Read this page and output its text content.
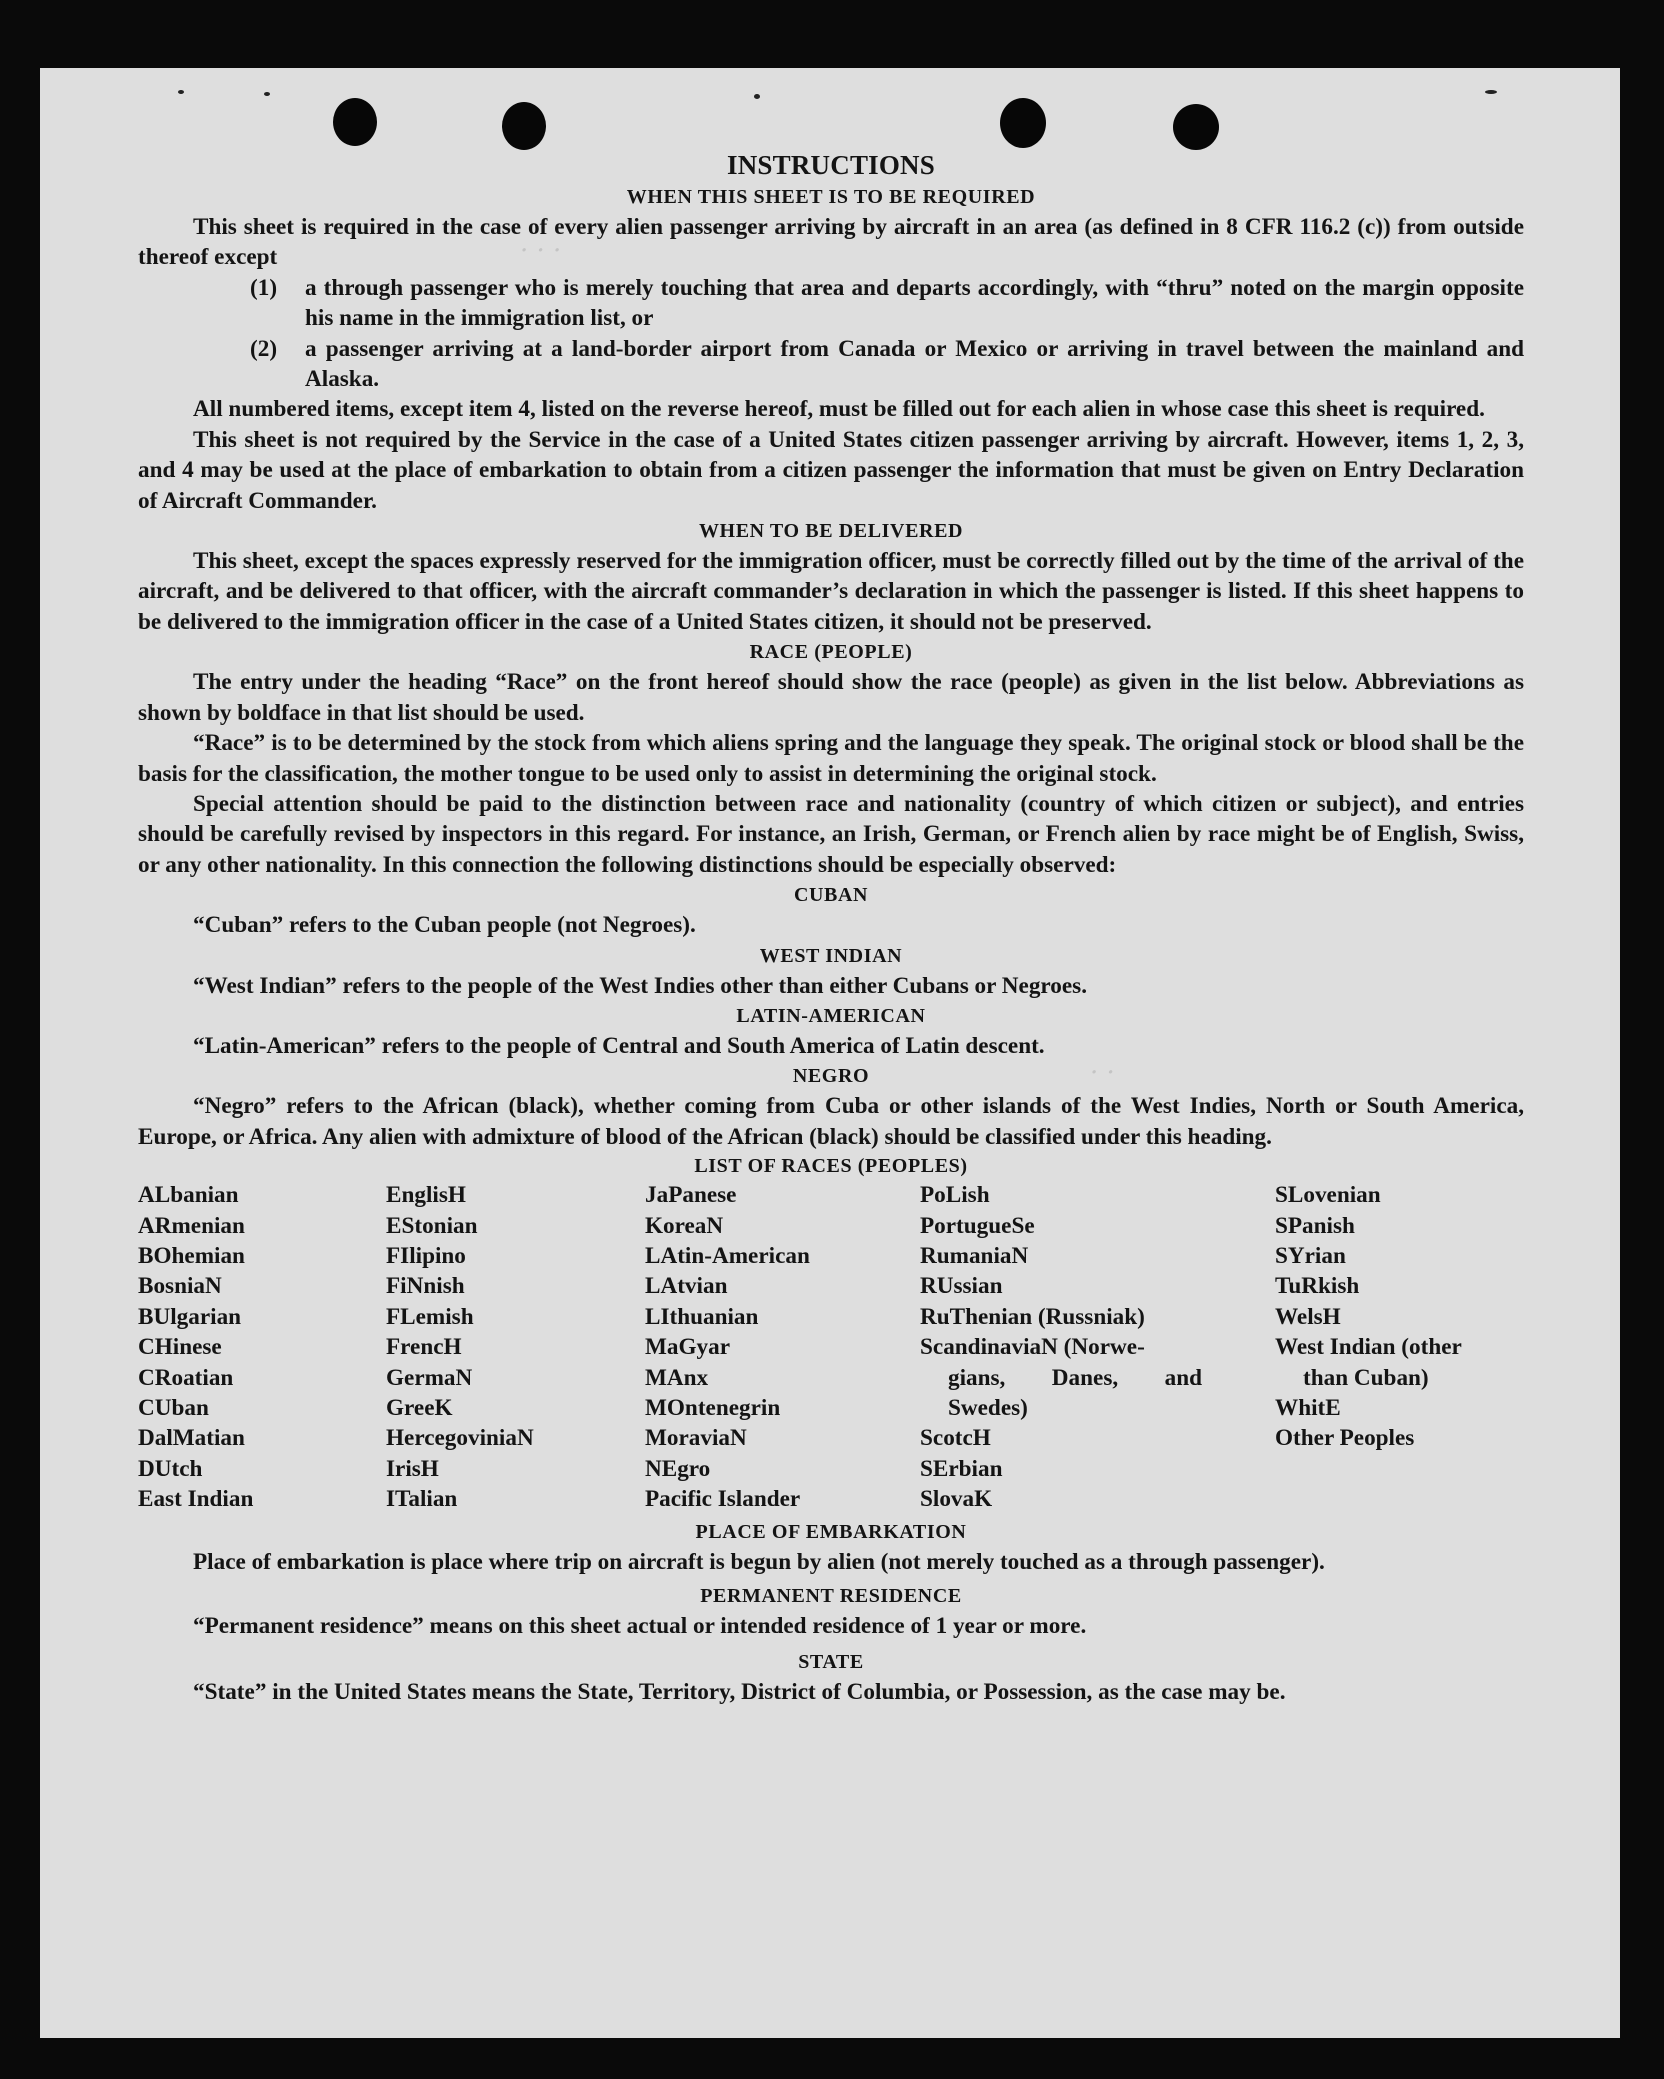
· · ·
· ·
INSTRUCTIONS
WHEN THIS SHEET IS TO BE REQUIRED

This sheet is required in the case of every alien passenger arriving by aircraft in an area (as defined in 8 CFR 116.2 (c)) from outside thereof except

(1) a through passenger who is merely touching that area and departs accordingly, with “thru” noted on the margin opposite his name in the immigration list, or

(2) a passenger arriving at a land-border airport from Canada or Mexico or arriving in travel between the mainland and Alaska.

All numbered items, except item 4, listed on the reverse hereof, must be filled out for each alien in whose case this sheet is required.

This sheet is not required by the Service in the case of a United States citizen passenger arriving by aircraft. However, items 1, 2, 3, and 4 may be used at the place of embarkation to obtain from a citizen passenger the information that must be given on Entry Declaration of Aircraft Commander.

WHEN TO BE DELIVERED

This sheet, except the spaces expressly reserved for the immigration officer, must be correctly filled out by the time of the arrival of the aircraft, and be delivered to that officer, with the aircraft commander’s declaration in which the passenger is listed. If this sheet happens to be delivered to the immigration officer in the case of a United States citizen, it should not be preserved.

RACE (PEOPLE)

The entry under the heading “Race” on the front hereof should show the race (people) as given in the list below. Abbreviations as shown by boldface in that list should be used.

“Race” is to be determined by the stock from which aliens spring and the language they speak. The original stock or blood shall be the basis for the classification, the mother tongue to be used only to assist in determining the original stock.

Special attention should be paid to the distinction between race and nationality (country of which citizen or subject), and entries should be carefully revised by inspectors in this regard. For instance, an Irish, German, or French alien by race might be of English, Swiss, or any other nationality. In this connection the following distinctions should be especially observed:

CUBAN

“Cuban” refers to the Cuban people (not Negroes).

WEST INDIAN

“West Indian” refers to the people of the West Indies other than either Cubans or Negroes.

LATIN-AMERICAN

“Latin-American” refers to the people of Central and South America of Latin descent.

NEGRO

“Negro” refers to the African (black), whether coming from Cuba or other islands of the West Indies, North or South America, Europe, or Africa. Any alien with admixture of blood of the African (black) should be classified under this heading.

LIST OF RACES (PEOPLES)
ALbanian
ARmenian
BOhemian
BosniaN
BUlgarian
CHinese
CRoatian
CUban
DalMatian
DUtch
East Indian
EnglisH
EStonian
FIlipino
FiNnish
FLemish
FrencH
GermaN
GreeK
HercegoviniaN
IrisH
ITalian
JaPanese
KoreaN
LAtin-American
LAtvian
LIthuanian
MaGyar
MAnx
MOntenegrin
MoraviaN
NEgro
Pacific Islander
PoLish
PortugueSe
RumaniaN
RUssian
RuThenian (Russniak)
ScandinaviaN (Norwe-
gians, Danes, and
Swedes)
ScotcH
SErbian
SlovaK
SLovenian
SPanish
SYrian
TuRkish
WelsH
West Indian (other
than Cuban)
WhitE
Other Peoples
PLACE OF EMBARKATION

Place of embarkation is place where trip on aircraft is begun by alien (not merely touched as a through passenger).

PERMANENT RESIDENCE

“Permanent residence” means on this sheet actual or intended residence of 1 year or more.

STATE

“State” in the United States means the State, Territory, District of Columbia, or Possession, as the case may be.
